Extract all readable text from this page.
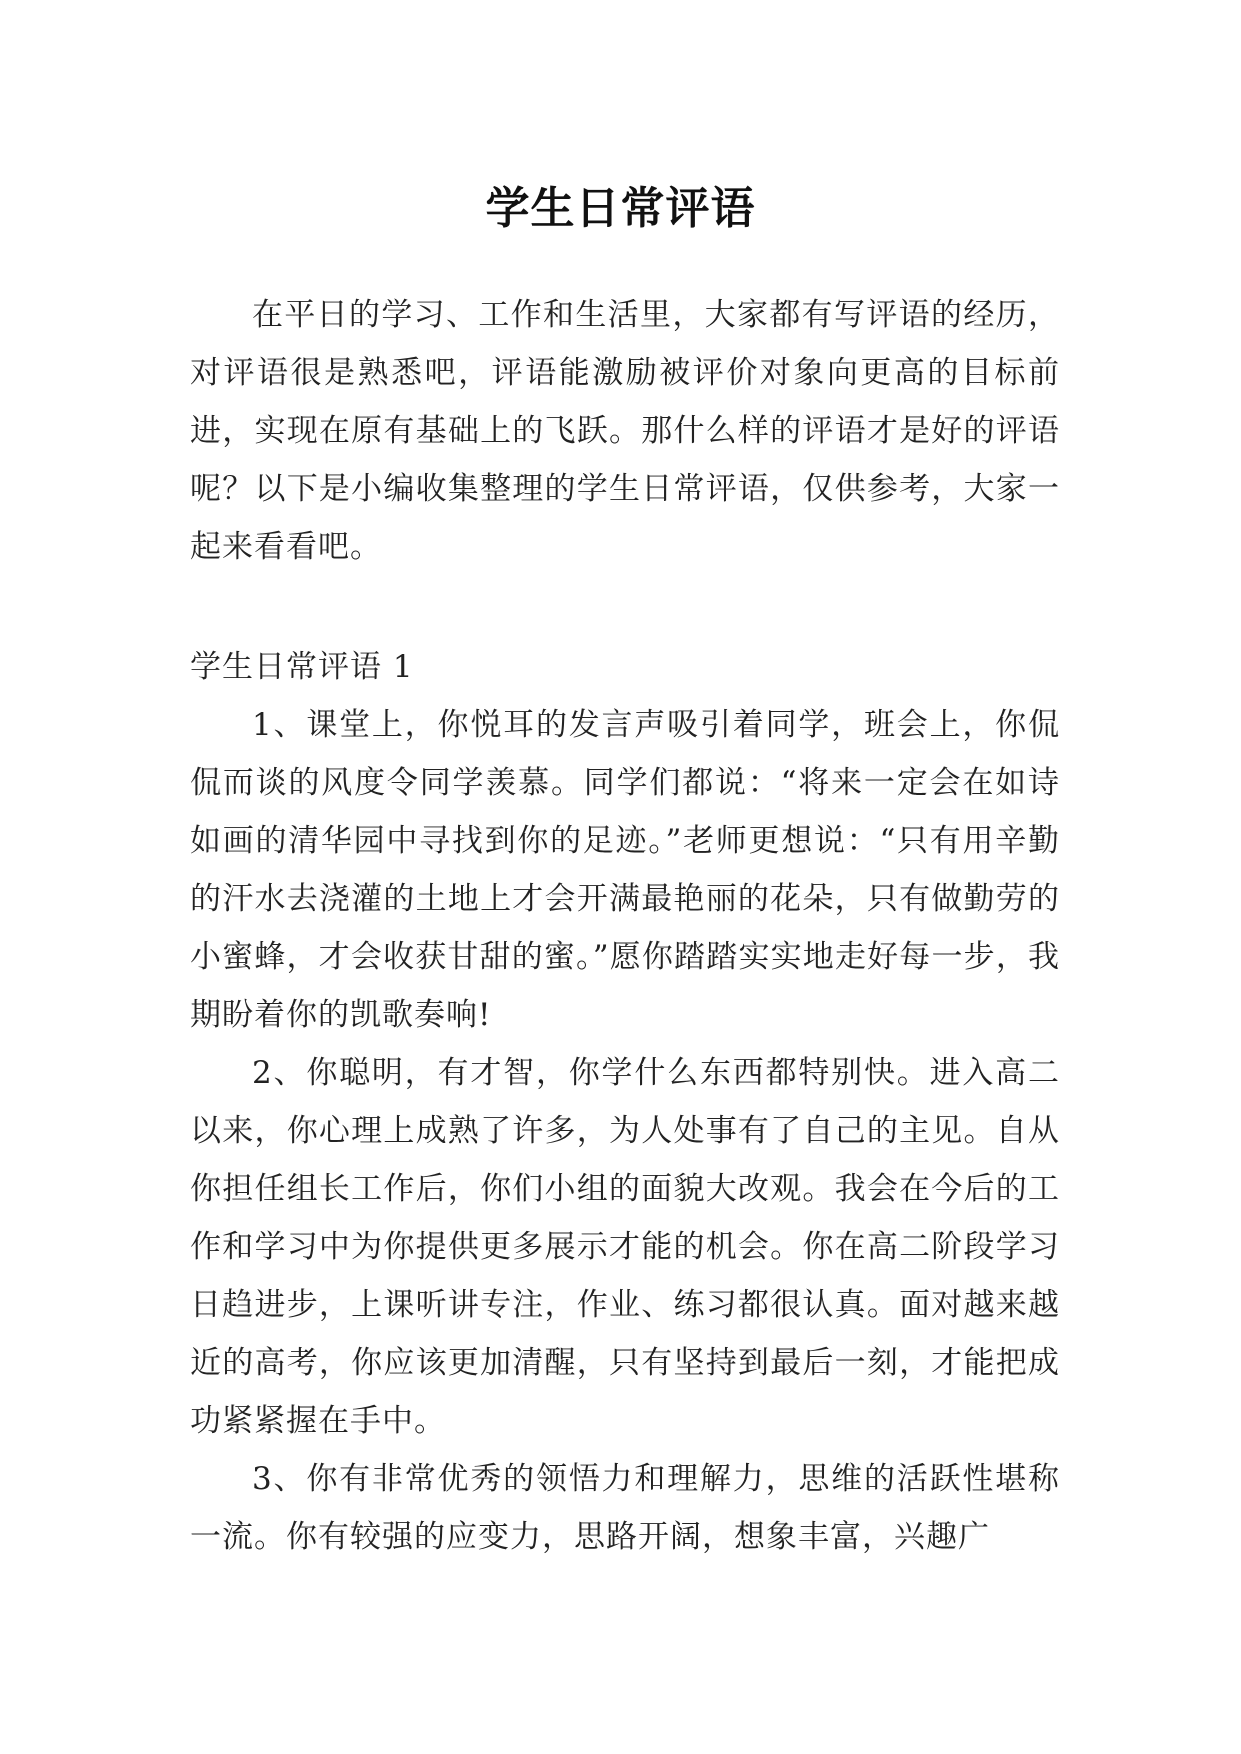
学生日常评语

在平日的学习、工作和生活里，大家都有写评语的经历，对评语很是熟悉吧，评语能激励被评价对象向更高的目标前进，实现在原有基础上的飞跃。那什么样的评语才是好的评语呢？以下是小编收集整理的学生日常评语，仅供参考，大家一起来看看吧。

学生日常评语 1

1、课堂上，你悦耳的发言声吸引着同学，班会上，你侃侃而谈的风度令同学羡慕。同学们都说：“将来一定会在如诗如画的清华园中寻找到你的足迹。”老师更想说：“只有用辛勤的汗水去浇灌的土地上才会开满最艳丽的花朵，只有做勤劳的小蜜蜂，才会收获甘甜的蜜。”愿你踏踏实实地走好每一步，我期盼着你的凯歌奏响!

2、你聪明，有才智，你学什么东西都特别快。进入高二以来，你心理上成熟了许多，为人处事有了自己的主见。自从你担任组长工作后，你们小组的面貌大改观。我会在今后的工作和学习中为你提供更多展示才能的机会。你在高二阶段学习日趋进步，上课听讲专注，作业、练习都很认真。面对越来越近的高考，你应该更加清醒，只有坚持到最后一刻，才能把成功紧紧握在手中。

3、你有非常优秀的领悟力和理解力，思维的活跃性堪称一流。你有较强的应变力，思路开阔，想象丰富，兴趣广
